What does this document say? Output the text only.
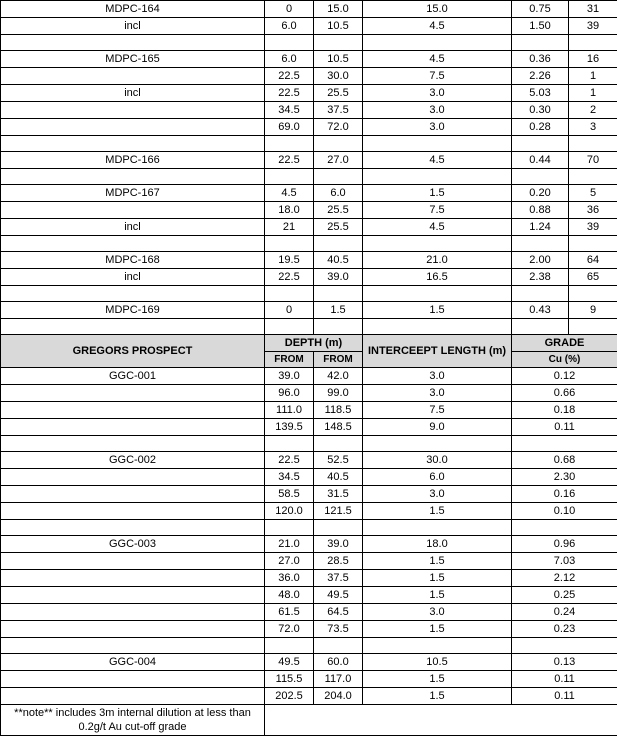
MDPC-164	0	15.0	15.0	0.75	31
incl	6.0	10.5	4.5	1.50	39

MDPC-165	6.0	10.5	4.5	0.36	16
	22.5	30.0	7.5	2.26	1
incl	22.5	25.5	3.0	5.03	1
	34.5	37.5	3.0	0.30	2
	69.0	72.0	3.0	0.28	3

MDPC-166	22.5	27.0	4.5	0.44	70

MDPC-167	4.5	6.0	1.5	0.20	5
	18.0	25.5	7.5	0.88	36
incl	21	25.5	4.5	1.24	39

MDPC-168	19.5	40.5	21.0	2.00	64
incl	22.5	39.0	16.5	2.38	65

MDPC-169	0	1.5	1.5	0.43	9

GREGORS PROSPECT	DEPTH (m)		INTERCEEPT LENGTH (m)	GRADE	
	FROM	FROM		Cu (%)	
GGC-001	39.0	42.0	3.0	0.12	
	96.0	99.0	3.0	0.66	
	111.0	118.5	7.5	0.18	
	139.5	148.5	9.0	0.11	

GGC-002	22.5	52.5	30.0	0.68	
	34.5	40.5	6.0	2.30	
	58.5	31.5	3.0	0.16	
	120.0	121.5	1.5	0.10	

GGC-003	21.0	39.0	18.0	0.96	
	27.0	28.5	1.5	7.03	
	36.0	37.5	1.5	2.12	
	48.0	49.5	1.5	0.25	
	61.5	64.5	3.0	0.24	
	72.0	73.5	1.5	0.23	

GGC-004	49.5	60.0	10.5	0.13	
	115.5	117.0	1.5	0.11	
	202.5	204.0	1.5	0.11	
**note** includes 3m internal dilution at less than 0.2g/t Au cut-off grade					
